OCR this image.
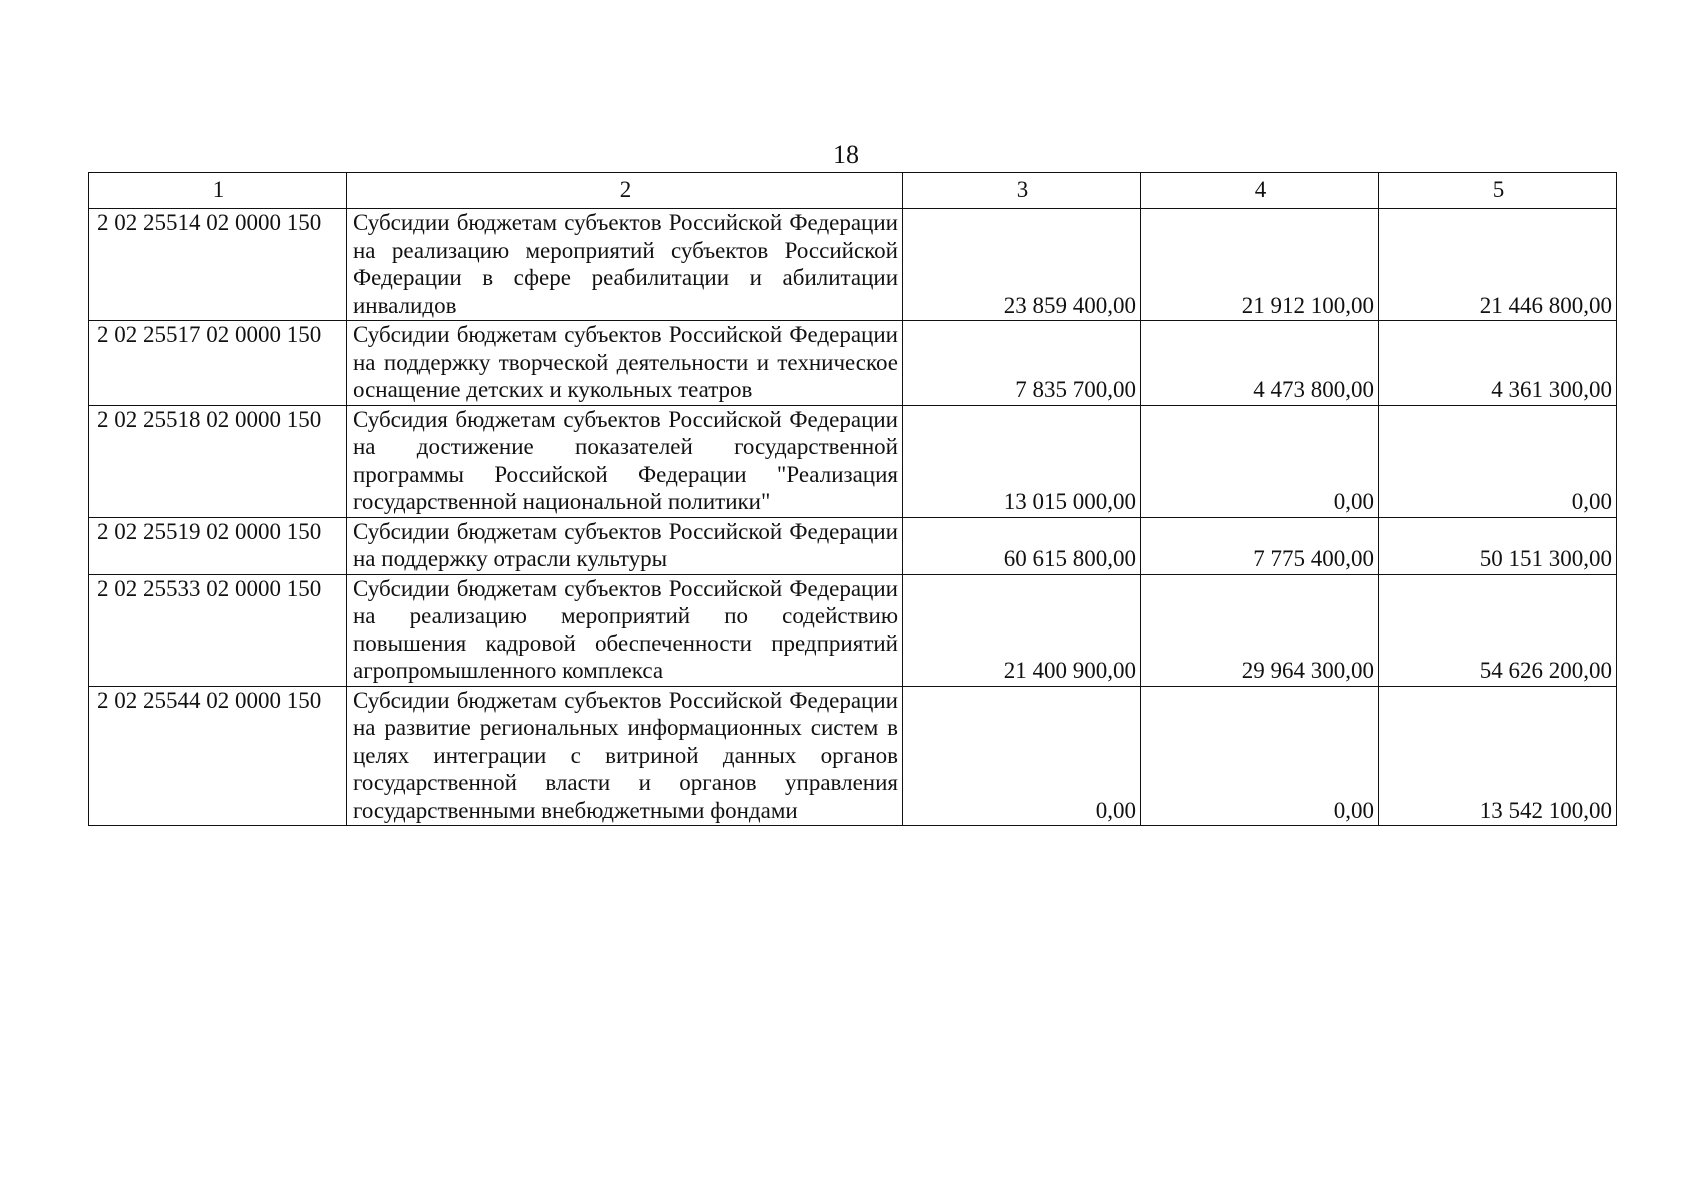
18
1	2	3	4	5
2 02 25514 02 0000 150	Субсидии бюджетам субъектов Российской Федерации на реализацию мероприятий субъектов Российской Федерации в сфере реабилитации и абилитации инвалидов	23 859 400,00	21 912 100,00	21 446 800,00
2 02 25517 02 0000 150	Субсидии бюджетам субъектов Российской Федерации на поддержку творческой деятельности и техническое оснащение детских и кукольных театров	7 835 700,00	4 473 800,00	4 361 300,00
2 02 25518 02 0000 150	Субсидия бюджетам субъектов Российской Федерации на достижение показателей государственной программы Российской Федерации "Реализация государственной национальной политики"	13 015 000,00	0,00	0,00
2 02 25519 02 0000 150	Субсидии бюджетам субъектов Российской Федерации на поддержку отрасли культуры	60 615 800,00	7 775 400,00	50 151 300,00
2 02 25533 02 0000 150	Субсидии бюджетам субъектов Российской Федерации на реализацию мероприятий по содействию повышения кадровой обеспеченности предприятий агропромышленного комплекса	21 400 900,00	29 964 300,00	54 626 200,00
2 02 25544 02 0000 150	Субсидии бюджетам субъектов Российской Федерации на развитие региональных информационных систем в целях интеграции с витриной данных органов государственной власти и органов управления государственными внебюджетными фондами	0,00	0,00	13 542 100,00
